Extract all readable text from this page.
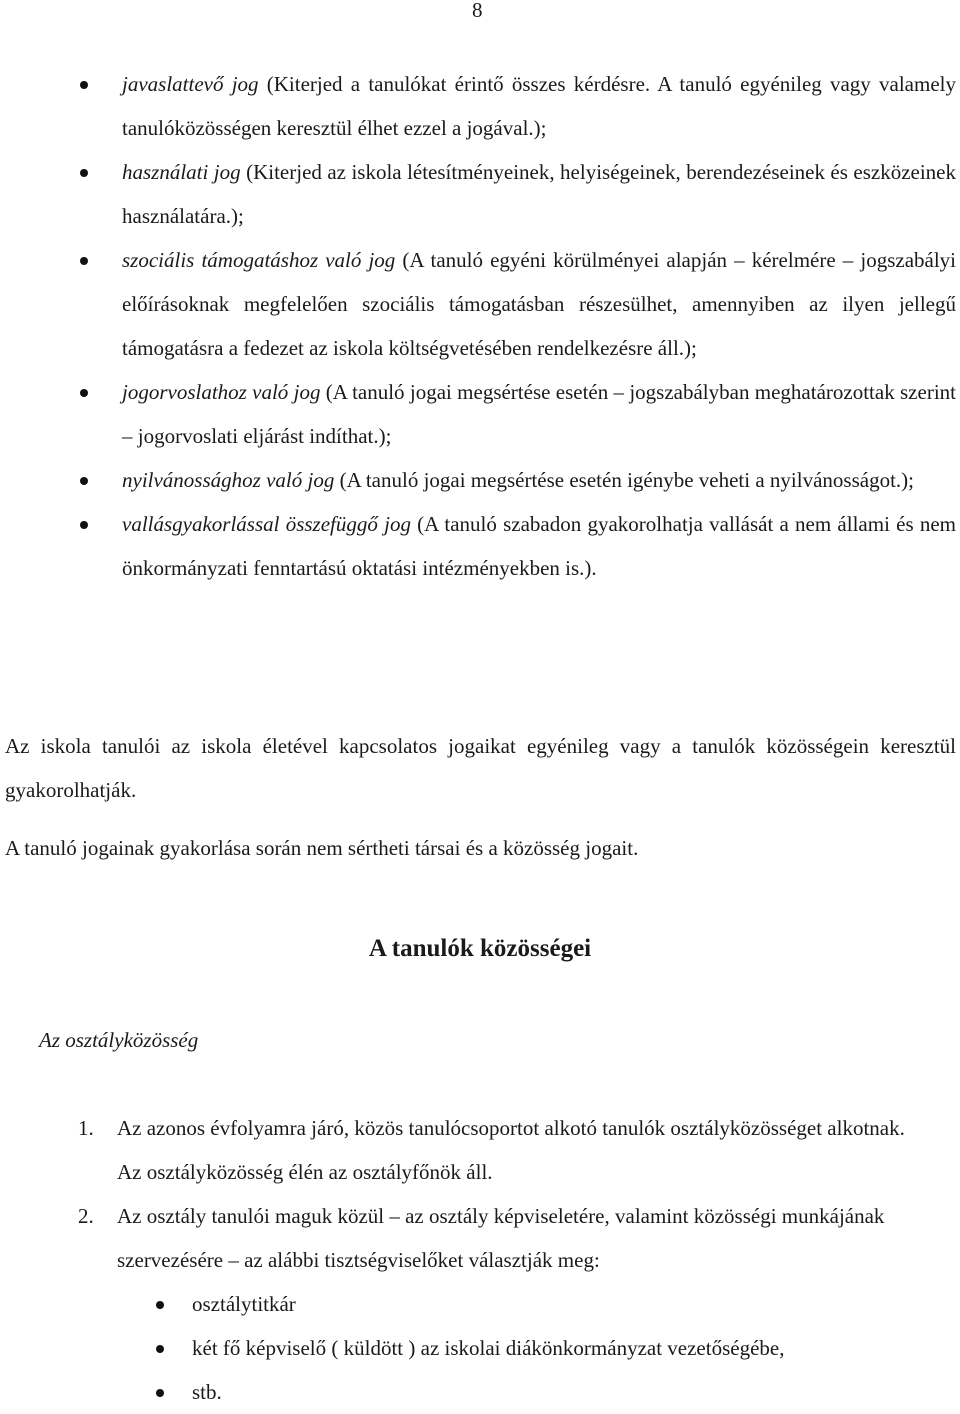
8
javaslattevő jog (Kiterjed a tanulókat érintő összes kérdésre. A tanuló egyénileg vagy valamely tanulóközösségen keresztül élhet ezzel a jogával.);
használati jog (Kiterjed az iskola létesítményeinek, helyiségeinek, berendezéseinek és eszközeinek használatára.);
szociális támogatáshoz való jog (A tanuló egyéni körülményei alapján – kérelmére – jogszabályi előírásoknak megfelelően szociális támogatásban részesülhet, amennyiben az ilyen jellegű támogatásra a fedezet az iskola költségvetésében rendelkezésre áll.);
jogorvoslathoz való jog (A tanuló jogai megsértése esetén – jogszabályban meghatározottak szerint – jogorvoslati eljárást indíthat.);
nyilvánossághoz való jog (A tanuló jogai megsértése esetén igénybe veheti a nyilvánosságot.);
vallásgyakorlással összefüggő jog (A tanuló szabadon gyakorolhatja vallását a nem állami és nem önkormányzati fenntartású oktatási intézményekben is.).

Az iskola tanulói az iskola életével kapcsolatos jogaikat egyénileg vagy a tanulók közösségein keresztül gyakorolhatják.

A tanuló jogainak gyakorlása során nem sértheti társai és a közösség jogait.

A tanulók közösségei
Az osztályközösség
1. Az azonos évfolyamra járó, közös tanulócsoportot alkotó tanulók osztályközösséget alkotnak. Az osztályközösség élén az osztályfőnök áll.
2. Az osztály tanulói maguk közül – az osztály képviseletére, valamint közösségi munkájának szervezésére – az alábbi tisztségviselőket választják meg:
osztálytitkár
két fő képviselő ( küldött ) az iskolai diákönkormányzat vezetőségébe,
stb.
